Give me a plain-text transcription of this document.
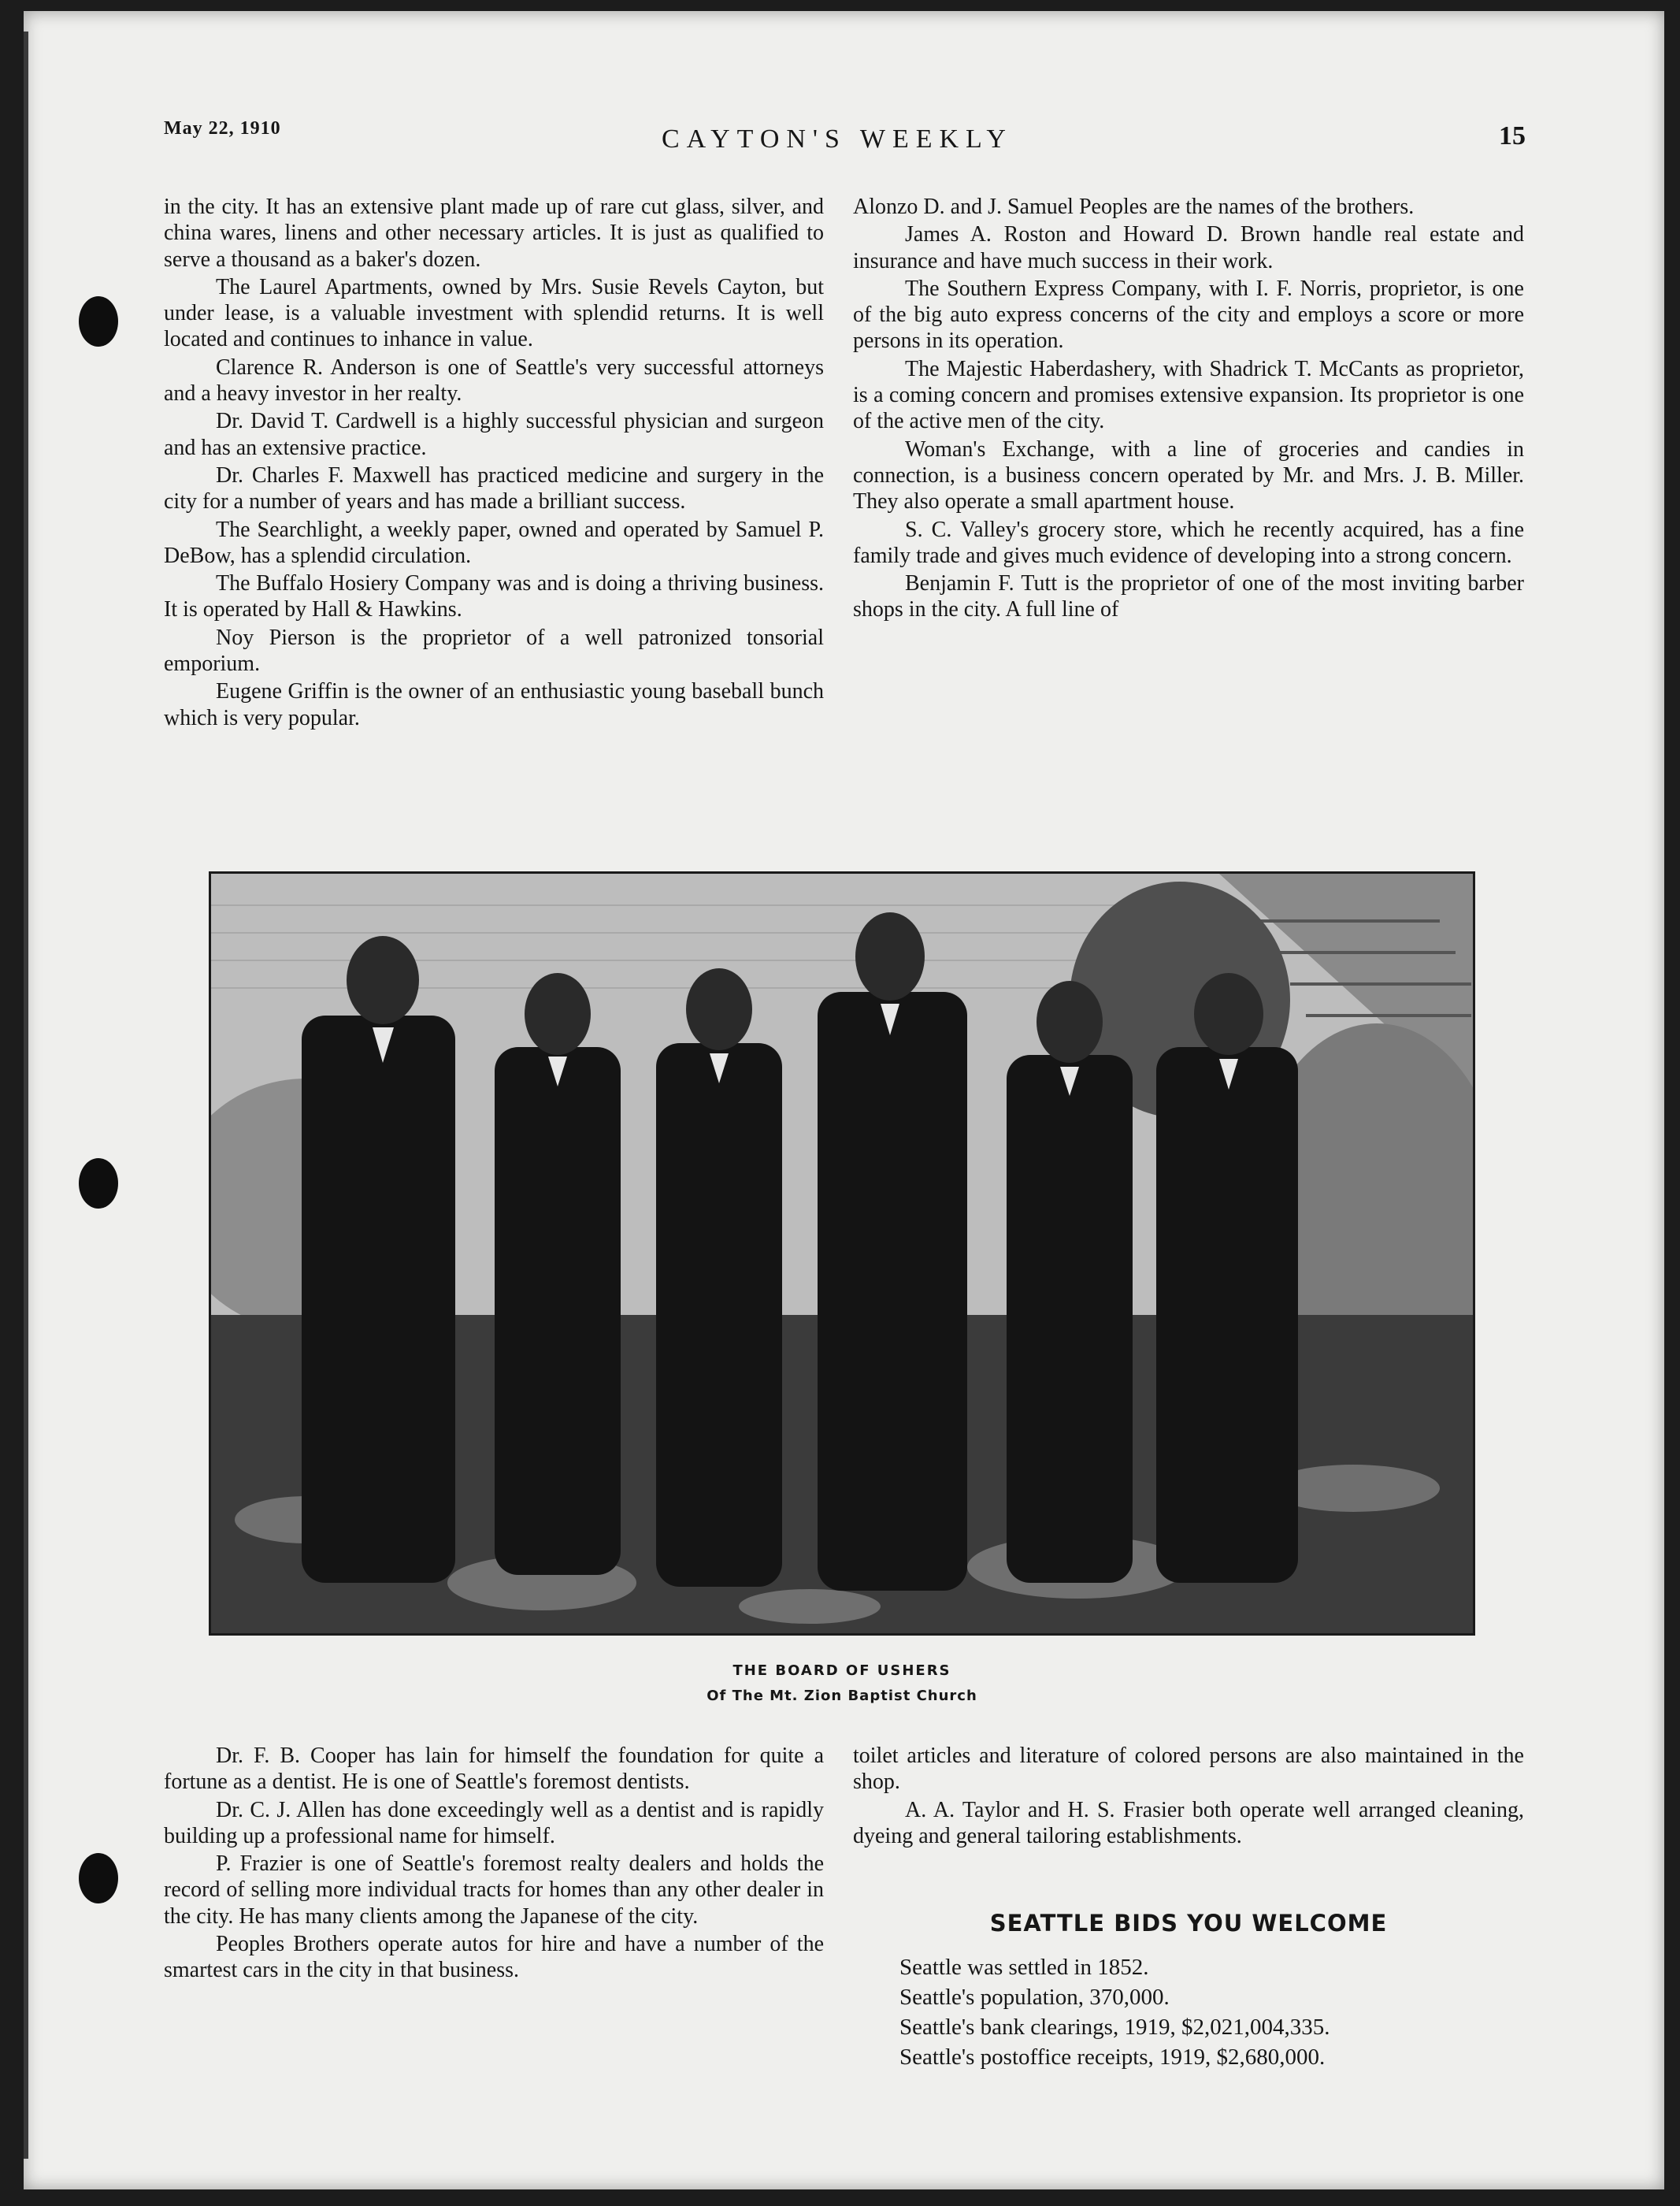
May 22, 1910	CAYTON'S WEEKLY	15

in the city. It has an extensive plant made up of rare cut glass, silver, and china wares, linens and other necessary articles. It is just as qualified to serve a thousand as a baker's dozen.

The Laurel Apartments, owned by Mrs. Susie Revels Cayton, but under lease, is a valuable investment with splendid returns. It is well located and continues to inhance in value.

Clarence R. Anderson is one of Seattle's very successful attorneys and a heavy investor in her realty.

Dr. David T. Cardwell is a highly successful physician and surgeon and has an extensive practice.

Dr. Charles F. Maxwell has practiced medicine and surgery in the city for a number of years and has made a brilliant success.

The Searchlight, a weekly paper, owned and operated by Samuel P. DeBow, has a splendid circulation.

The Buffalo Hosiery Company was and is doing a thriving business. It is operated by Hall & Hawkins.

Noy Pierson is the proprietor of a well patronized tonsorial emporium.

Eugene Griffin is the owner of an enthusiastic young baseball bunch which is very popular.

Alonzo D. and J. Samuel Peoples are the names of the brothers.

James A. Roston and Howard D. Brown handle real estate and insurance and have much success in their work.

The Southern Express Company, with I. F. Norris, proprietor, is one of the big auto express concerns of the city and employs a score or more persons in its operation.

The Majestic Haberdashery, with Shadrick T. McCants as proprietor, is a coming concern and promises extensive expansion. Its proprietor is one of the active men of the city.

Woman's Exchange, with a line of groceries and candies in connection, is a business concern operated by Mr. and Mrs. J. B. Miller. They also operate a small apartment house.

S. C. Valley's grocery store, which he recently acquired, has a fine family trade and gives much evidence of developing into a strong concern.

Benjamin F. Tutt is the proprietor of one of the most inviting barber shops in the city. A full line of

THE BOARD OF USHERS
Of The Mt. Zion Baptist Church

Dr. F. B. Cooper has lain for himself the foundation for quite a fortune as a dentist. He is one of Seattle's foremost dentists.

Dr. C. J. Allen has done exceedingly well as a dentist and is rapidly building up a professional name for himself.

P. Frazier is one of Seattle's foremost realty dealers and holds the record of selling more individual tracts for homes than any other dealer in the city. He has many clients among the Japanese of the city.

Peoples Brothers operate autos for hire and have a number of the smartest cars in the city in that business.

toilet articles and literature of colored persons are also maintained in the shop.

A. A. Taylor and H. S. Frasier both operate well arranged cleaning, dyeing and general tailoring establishments.

SEATTLE BIDS YOU WELCOME
Seattle was settled in 1852.
Seattle's population, 370,000.
Seattle's bank clearings, 1919, $2,021,004,335.
Seattle's postoffice receipts, 1919, $2,680,000.
